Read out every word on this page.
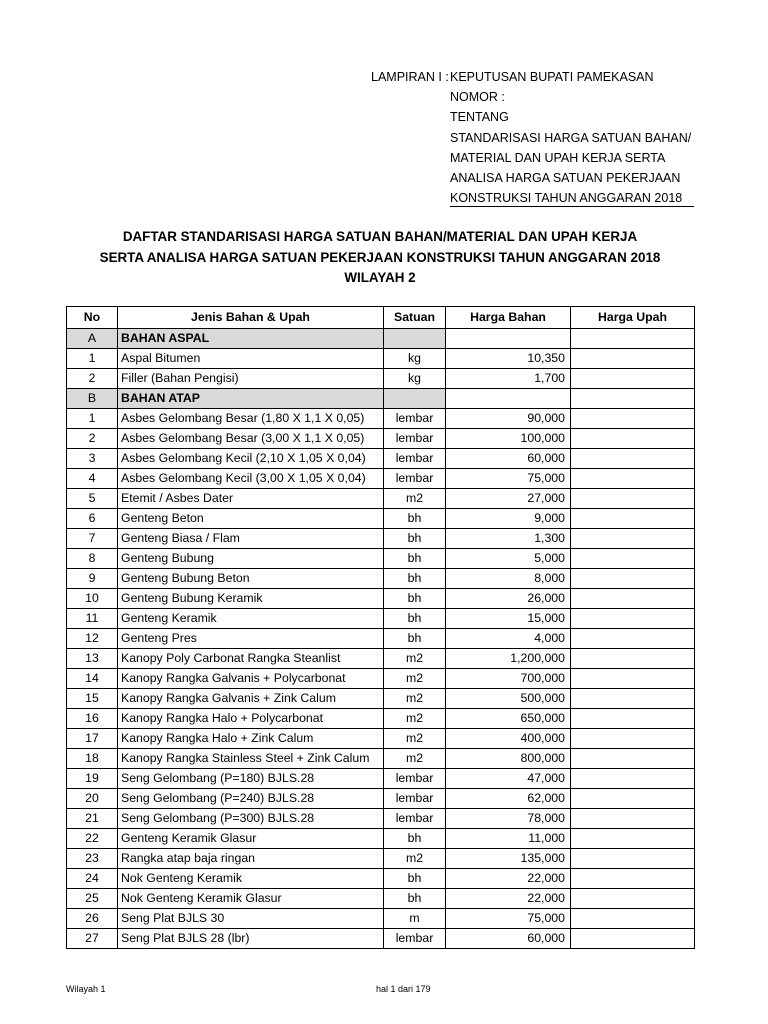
LAMPIRAN I : KEPUTUSAN BUPATI PAMEKASAN
NOMOR :
TENTANG
STANDARISASI HARGA SATUAN BAHAN/
MATERIAL DAN UPAH KERJA SERTA
ANALISA HARGA SATUAN PEKERJAAN
KONSTRUKSI TAHUN ANGGARAN 2018
DAFTAR STANDARISASI HARGA SATUAN BAHAN/MATERIAL DAN UPAH KERJA
SERTA ANALISA HARGA SATUAN PEKERJAAN KONSTRUKSI TAHUN ANGGARAN 2018
WILAYAH 2
No	Jenis Bahan & Upah	Satuan	Harga Bahan	Harga Upah
A	BAHAN ASPAL			
1	Aspal Bitumen	kg	10,350	
2	Filler (Bahan Pengisi)	kg	1,700	
B	BAHAN ATAP			
1	Asbes Gelombang Besar (1,80 X 1,1 X 0,05)	lembar	90,000	
2	Asbes Gelombang Besar (3,00 X 1,1 X 0,05)	lembar	100,000	
3	Asbes Gelombang Kecil (2,10 X 1,05 X 0,04)	lembar	60,000	
4	Asbes Gelombang Kecil (3,00 X 1,05 X 0,04)	lembar	75,000	
5	Etemit / Asbes Dater	m2	27,000	
6	Genteng Beton	bh	9,000	
7	Genteng Biasa / Flam	bh	1,300	
8	Genteng Bubung	bh	5,000	
9	Genteng Bubung Beton	bh	8,000	
10	Genteng Bubung Keramik	bh	26,000	
11	Genteng Keramik	bh	15,000	
12	Genteng Pres	bh	4,000	
13	Kanopy Poly Carbonat Rangka Steanlist	m2	1,200,000	
14	Kanopy Rangka Galvanis + Polycarbonat	m2	700,000	
15	Kanopy Rangka Galvanis + Zink Calum	m2	500,000	
16	Kanopy Rangka Halo + Polycarbonat	m2	650,000	
17	Kanopy Rangka Halo + Zink Calum	m2	400,000	
18	Kanopy Rangka Stainless Steel + Zink Calum	m2	800,000	
19	Seng Gelombang (P=180) BJLS.28	lembar	47,000	
20	Seng Gelombang (P=240) BJLS.28	lembar	62,000	
21	Seng Gelombang (P=300) BJLS.28	lembar	78,000	
22	Genteng Keramik Glasur	bh	11,000	
23	Rangka atap baja ringan	m2	135,000	
24	Nok Genteng Keramik	bh	22,000	
25	Nok Genteng Keramik Glasur	bh	22,000	
26	Seng Plat BJLS 30	m	75,000	
27	Seng Plat BJLS 28 (lbr)	lembar	60,000	
Wilayah 1	hal 1 dari 179
